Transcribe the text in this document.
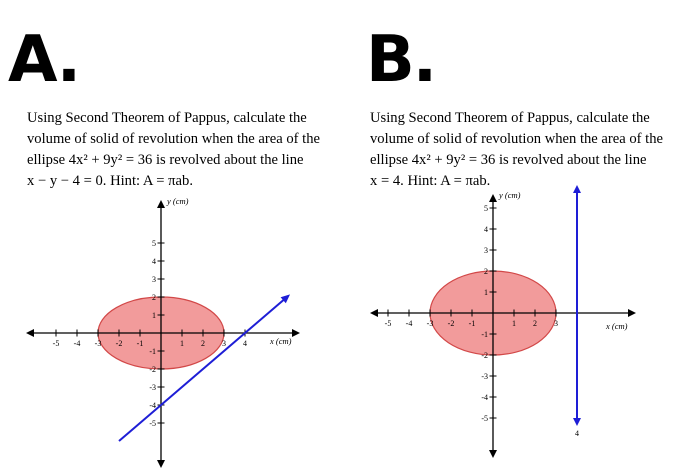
A.
Using Second Theorem of Pappus, calculate the
volume of solid of revolution when the area of the
ellipse 4x² + 9y² = 36 is revolved about the line
x − y − 4 = 0. Hint: A = πab.
-5 -4 -3 -2 -1	1 2 3 4
5
4
3
2
1
-1
-2
-3
-4
-5
x (cm)
y (cm)
B.
Using Second Theorem of Pappus, calculate the
volume of solid of revolution when the area of the
ellipse 4x² + 9y² = 36 is revolved about the line
x = 4. Hint: A = πab.
-5 -4 -3 -2 -1	1 2 3
5
4
3
2
1
-1
-2
-3
-4
-5
4
x (cm)
y (cm)
